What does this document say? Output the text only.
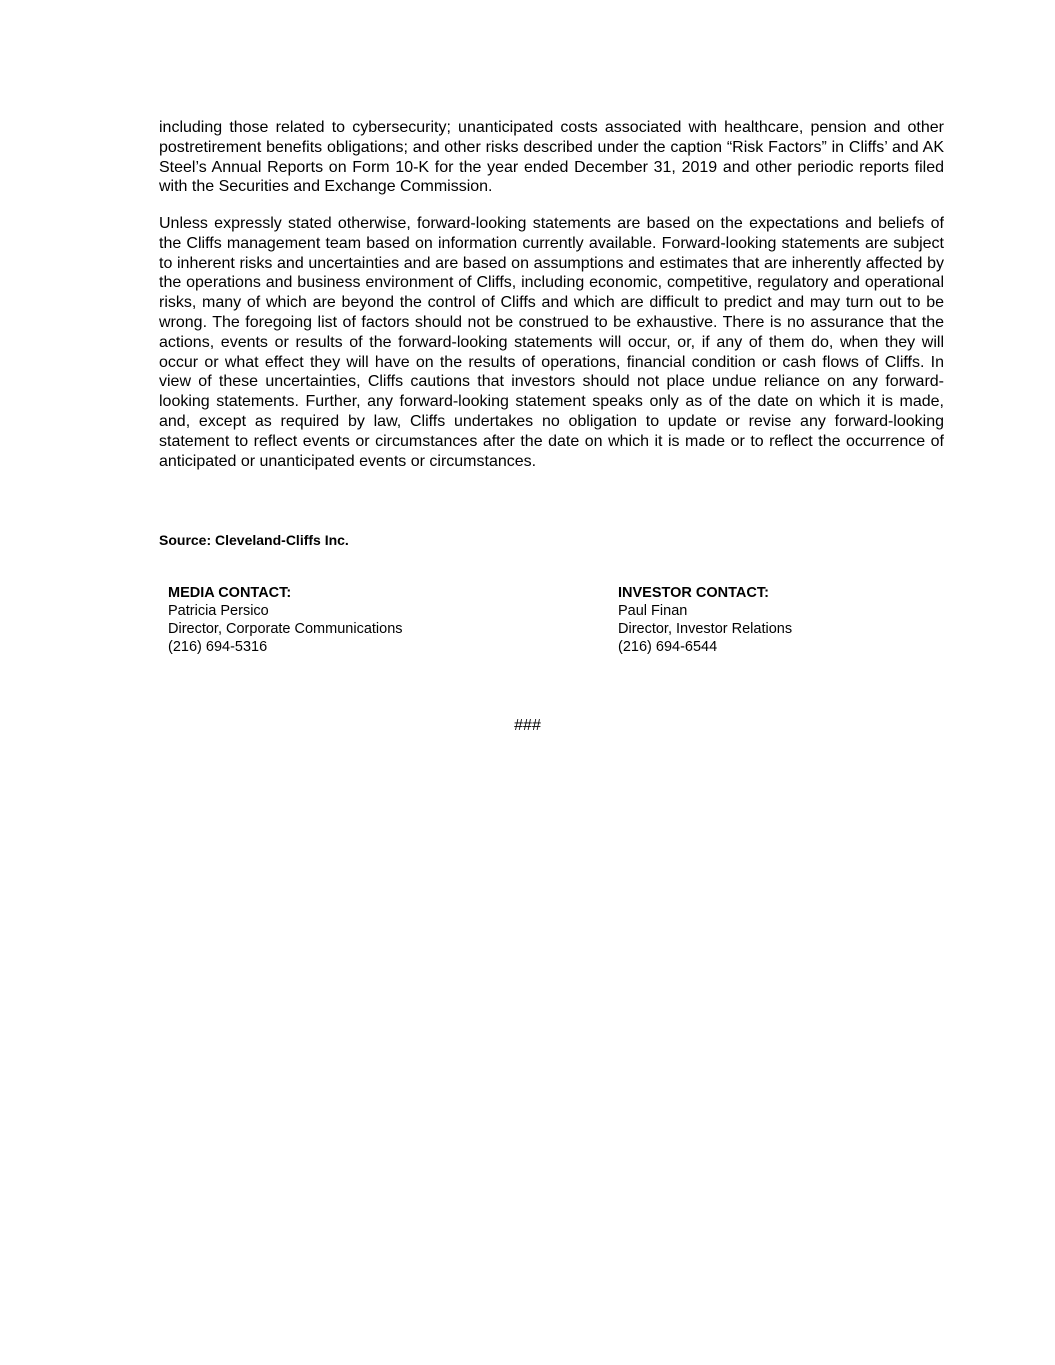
including those related to cybersecurity; unanticipated costs associated with healthcare, pension and other postretirement benefits obligations; and other risks described under the caption “Risk Factors” in Cliffs’ and AK Steel’s Annual Reports on Form 10-K for the year ended December 31, 2019 and other periodic reports filed with the Securities and Exchange Commission.

Unless expressly stated otherwise, forward-looking statements are based on the expectations and beliefs of the Cliffs management team based on information currently available. Forward-looking statements are subject to inherent risks and uncertainties and are based on assumptions and estimates that are inherently affected by the operations and business environment of Cliffs, including economic, competitive, regulatory and operational risks, many of which are beyond the control of Cliffs and which are difficult to predict and may turn out to be wrong. The foregoing list of factors should not be construed to be exhaustive. There is no assurance that the actions, events or results of the forward-looking statements will occur, or, if any of them do, when they will occur or what effect they will have on the results of operations, financial condition or cash flows of Cliffs. In view of these uncertainties, Cliffs cautions that investors should not place undue reliance on any forward-looking statements. Further, any forward-looking statement speaks only as of the date on which it is made, and, except as required by law, Cliffs undertakes no obligation to update or revise any forward-looking statement to reflect events or circumstances after the date on which it is made or to reflect the occurrence of anticipated or unanticipated events or circumstances.

Source: Cleveland-Cliffs Inc.

MEDIA CONTACT:
Patricia Persico
Director, Corporate Communications
(216) 694-5316
INVESTOR CONTACT:
Paul Finan
Director, Investor Relations
(216) 694-6544

###
